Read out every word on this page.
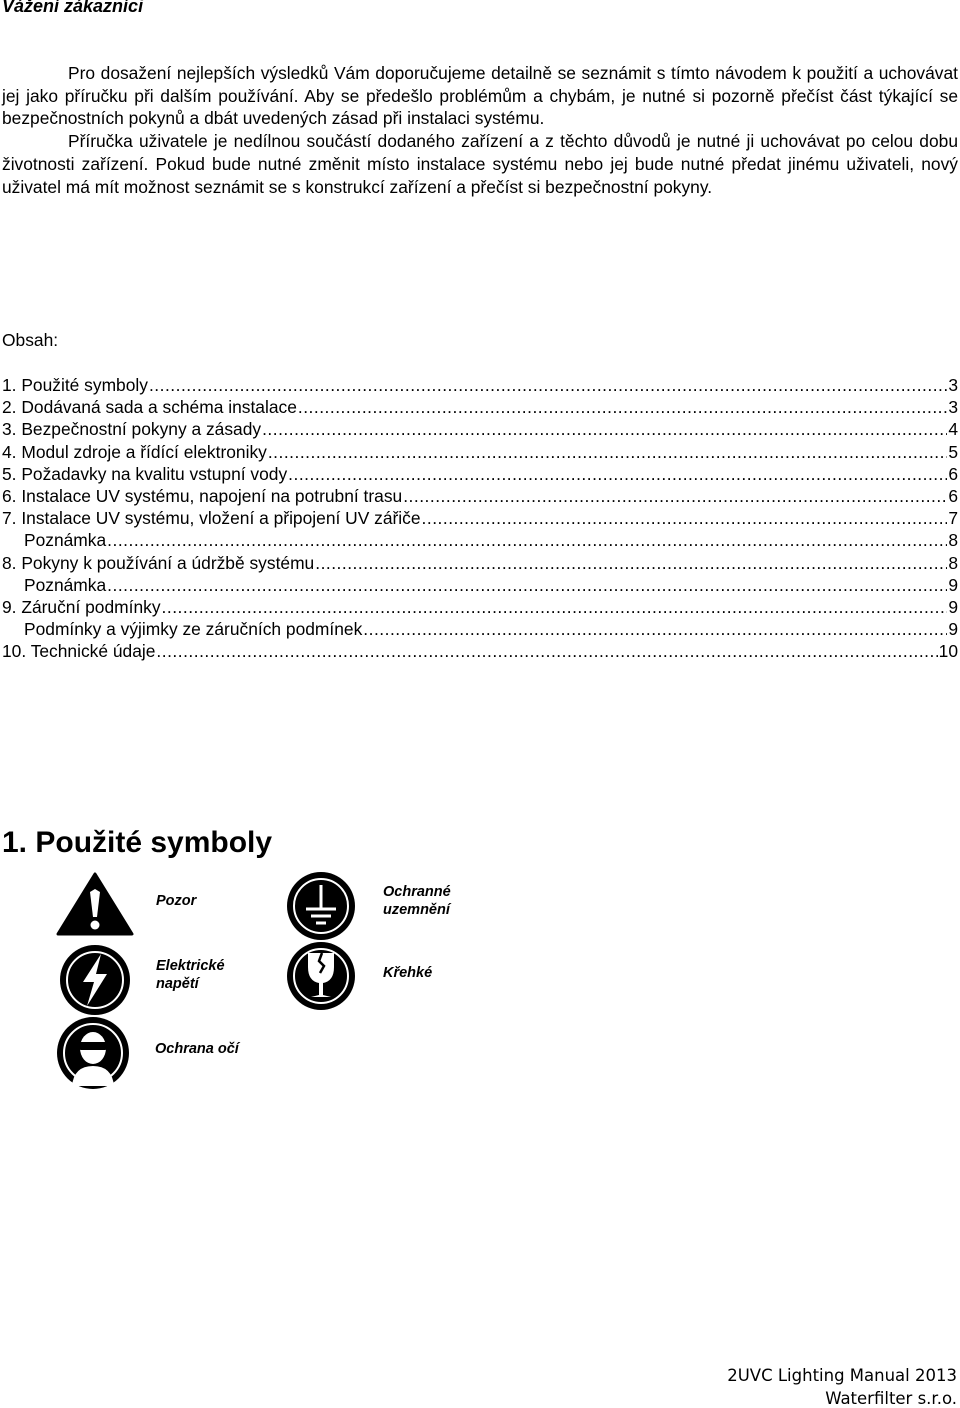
Vážení zákazníci

Pro dosažení nejlepších výsledků Vám doporučujeme detailně se seznámit s tímto návodem k použití a uchovávat jej jako příručku při dalším používání. Aby se předešlo problémům a chybám, je nutné si pozorně přečíst část týkající se bezpečnostních pokynů a dbát uvedených zásad při instalaci systému.

Příručka uživatele je nedílnou součástí dodaného zařízení a z těchto důvodů je nutné ji uchovávat po celou dobu životnosti zařízení. Pokud bude nutné změnit místo instalace systému nebo jej bude nutné předat jinému uživateli, nový uživatel má mít možnost seznámit se s konstrukcí zařízení a přečíst si bezpečnostní pokyny.

Obsah:
1. Použité symboly .....	3
2. Dodávaná sada a schéma instalace .....	3
3. Bezpečnostní pokyny a zásady .....	4
4. Modul zdroje a řídící elektroniky .....	5
5. Požadavky na kvalitu vstupní vody .....	6
6. Instalace UV systému, napojení na potrubní trasu .....	6
7. Instalace UV systému, vložení a připojení UV zářiče .....	7
Poznámka .....	8
8. Pokyny k používání a údržbě systému .....	8
Poznámka .....	9
9. Záruční podmínky .....	9
Podmínky a výjimky ze záručních podmínek .....	9
10. Technické údaje .....	10
1. Použité symboly
Pozor
Ochranné
uzemnění
Elektrické
napětí
Křehké
Ochrana očí
2UVC Lighting Manual 2013
Waterfilter s.r.o.
